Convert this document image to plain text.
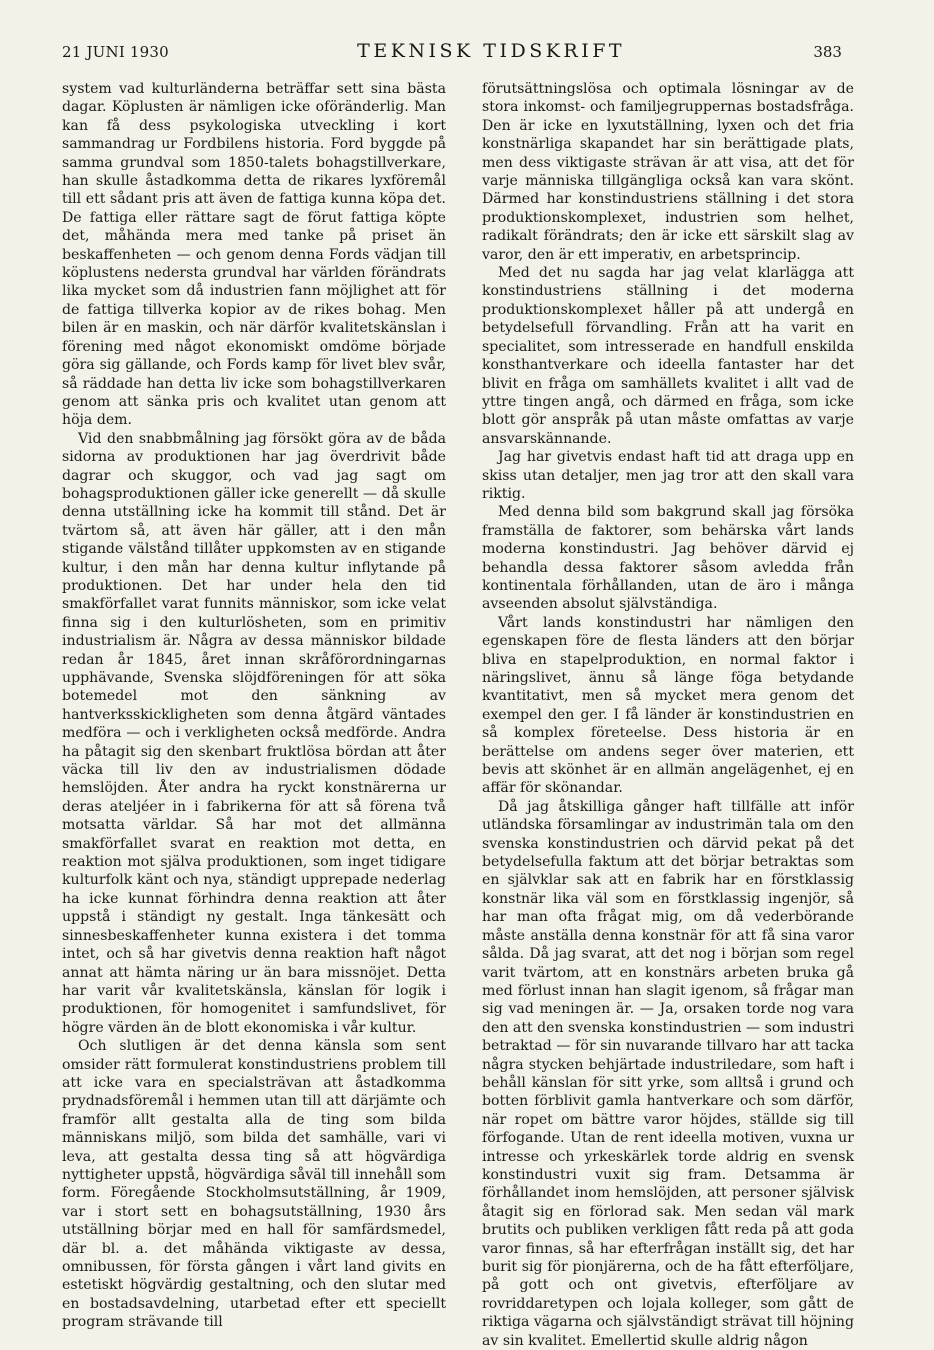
21 JUNI 1930	TEKNISK TIDSKRIFT	383

system vad kulturländerna beträffar sett sina bästa dagar. Köplusten är nämligen icke oföränderlig. Man kan få dess psykologiska utveckling i kort sammandrag ur Fordbilens historia. Ford byggde på samma grundval som 1850-talets bohagstillverkare, han skulle åstadkomma detta de rikares lyxföremål till ett sådant pris att även de fattiga kunna köpa det. De fattiga eller rättare sagt de förut fattiga köpte det, måhända mera med tanke på priset än beskaffenheten — och genom denna Fords vädjan till köplustens nedersta grundval har världen förändrats lika mycket som då industrien fann möjlighet att för de fattiga tillverka kopior av de rikes bohag. Men bilen är en maskin, och när därför kvalitetskänslan i förening med något ekonomiskt omdöme började göra sig gällande, och Fords kamp för livet blev svår, så räddade han detta liv icke som bohagstillverkaren genom att sänka pris och kvalitet utan genom att höja dem.

Vid den snabbmålning jag försökt göra av de båda sidorna av produktionen har jag överdrivit både dagrar och skuggor, och vad jag sagt om bohagsproduktionen gäller icke generellt — då skulle denna utställning icke ha kommit till stånd. Det är tvärtom så, att även här gäller, att i den mån stigande välstånd tillåter uppkomsten av en stigande kultur, i den mån har denna kultur inflytande på produktionen. Det har under hela den tid smakförfallet varat funnits människor, som icke velat finna sig i den kulturlösheten, som en primitiv industrialism är. Några av dessa människor bildade redan år 1845, året innan skråförordningarnas upphävande, Svenska slöjdföreningen för att söka botemedel mot den sänkning av hantverksskickligheten som denna åtgärd väntades medföra — och i verkligheten också medförde. Andra ha påtagit sig den skenbart fruktlösa bördan att åter väcka till liv den av industrialismen dödade hemslöjden. Åter andra ha ryckt konstnärerna ur deras ateljéer in i fabrikerna för att så förena två motsatta världar. Så har mot det allmänna smakförfallet svarat en reaktion mot detta, en reaktion mot själva produktionen, som inget tidigare kulturfolk känt och nya, ständigt upprepade nederlag ha icke kunnat förhindra denna reaktion att åter uppstå i ständigt ny gestalt. Inga tänkesätt och sinnesbeskaffenheter kunna existera i det tomma intet, och så har givetvis denna reaktion haft något annat att hämta näring ur än bara missnöjet. Detta har varit vår kvalitetskänsla, känslan för logik i produktionen, för homogenitet i samfundslivet, för högre värden än de blott ekonomiska i vår kultur.

Och slutligen är det denna känsla som sent omsider rätt formulerat konstindustriens problem till att icke vara en specialsträvan att åstadkomma prydnadsföremål i hemmen utan till att därjämte och framför allt gestalta alla de ting som bilda människans miljö, som bilda det samhälle, vari vi leva, att gestalta dessa ting så att högvärdiga nyttigheter uppstå, högvärdiga såväl till innehåll som form. Föregående Stockholmsutställning, år 1909, var i stort sett en bohagsutställning, 1930 års utställning börjar med en hall för samfärdsmedel, där bl. a. det måhända viktigaste av dessa, omnibussen, för första gången i vårt land givits en estetiskt högvärdig gestaltning, och den slutar med en bostadsavdelning, utarbetad efter ett speciellt program strävande till

förutsättningslösa och optimala lösningar av de stora inkomst- och familjegruppernas bostadsfråga. Den är icke en lyxutställning, lyxen och det fria konstnärliga skapandet har sin berättigade plats, men dess viktigaste strävan är att visa, att det för varje människa tillgängliga också kan vara skönt. Därmed har konstindustriens ställning i det stora produktionskomplexet, industrien som helhet, radikalt förändrats; den är icke ett särskilt slag av varor, den är ett imperativ, en arbetsprincip.

Med det nu sagda har jag velat klarlägga att konstindustriens ställning i det moderna produktionskomplexet håller på att undergå en betydelsefull förvandling. Från att ha varit en specialitet, som intresserade en handfull enskilda konsthantverkare och ideella fantaster har det blivit en fråga om samhällets kvalitet i allt vad de yttre tingen angå, och därmed en fråga, som icke blott gör anspråk på utan måste omfattas av varje ansvarskännande.

Jag har givetvis endast haft tid att draga upp en skiss utan detaljer, men jag tror att den skall vara riktig.

Med denna bild som bakgrund skall jag försöka framställa de faktorer, som behärska vårt lands moderna konstindustri. Jag behöver därvid ej behandla dessa faktorer såsom avledda från kontinentala förhållanden, utan de äro i många avseenden absolut självständiga.

Vårt lands konstindustri har nämligen den egenskapen före de flesta länders att den börjar bliva en stapelproduktion, en normal faktor i näringslivet, ännu så länge föga betydande kvantitativt, men så mycket mera genom det exempel den ger. I få länder är konstindustrien en så komplex företeelse. Dess historia är en berättelse om andens seger över materien, ett bevis att skönhet är en allmän angelägenhet, ej en affär för skönandar.

Då jag åtskilliga gånger haft tillfälle att inför utländska församlingar av industrimän tala om den svenska konstindustrien och därvid pekat på det betydelsefulla faktum att det börjar betraktas som en självklar sak att en fabrik har en förstklassig konstnär lika väl som en förstklassig ingenjör, så har man ofta frågat mig, om då vederbörande måste anställa denna konstnär för att få sina varor sålda. Då jag svarat, att det nog i början som regel varit tvärtom, att en konstnärs arbeten bruka gå med förlust innan han slagit igenom, så frågar man sig vad meningen är. — Ja, orsaken torde nog vara den att den svenska konstindustrien — som industri betraktad — för sin nuvarande tillvaro har att tacka några stycken behjärtade industriledare, som haft i behåll känslan för sitt yrke, som alltså i grund och botten förblivit gamla hantverkare och som därför, när ropet om bättre varor höjdes, ställde sig till förfogande. Utan de rent ideella motiven, vuxna ur intresse och yrkeskärlek torde aldrig en svensk konstindustri vuxit sig fram. Detsamma är förhållandet inom hemslöjden, att personer självisk åtagit sig en förlorad sak. Men sedan väl mark brutits och publiken verkligen fått reda på att goda varor finnas, så har efterfrågan inställt sig, det har burit sig för pionjärerna, och de ha fått efterföljare, på gott och ont givetvis, efterföljare av rovriddaretypen och lojala kolleger, som gått de riktiga vägarna och självständigt strävat till höjning av sin kvalitet. Emellertid skulle aldrig någon
